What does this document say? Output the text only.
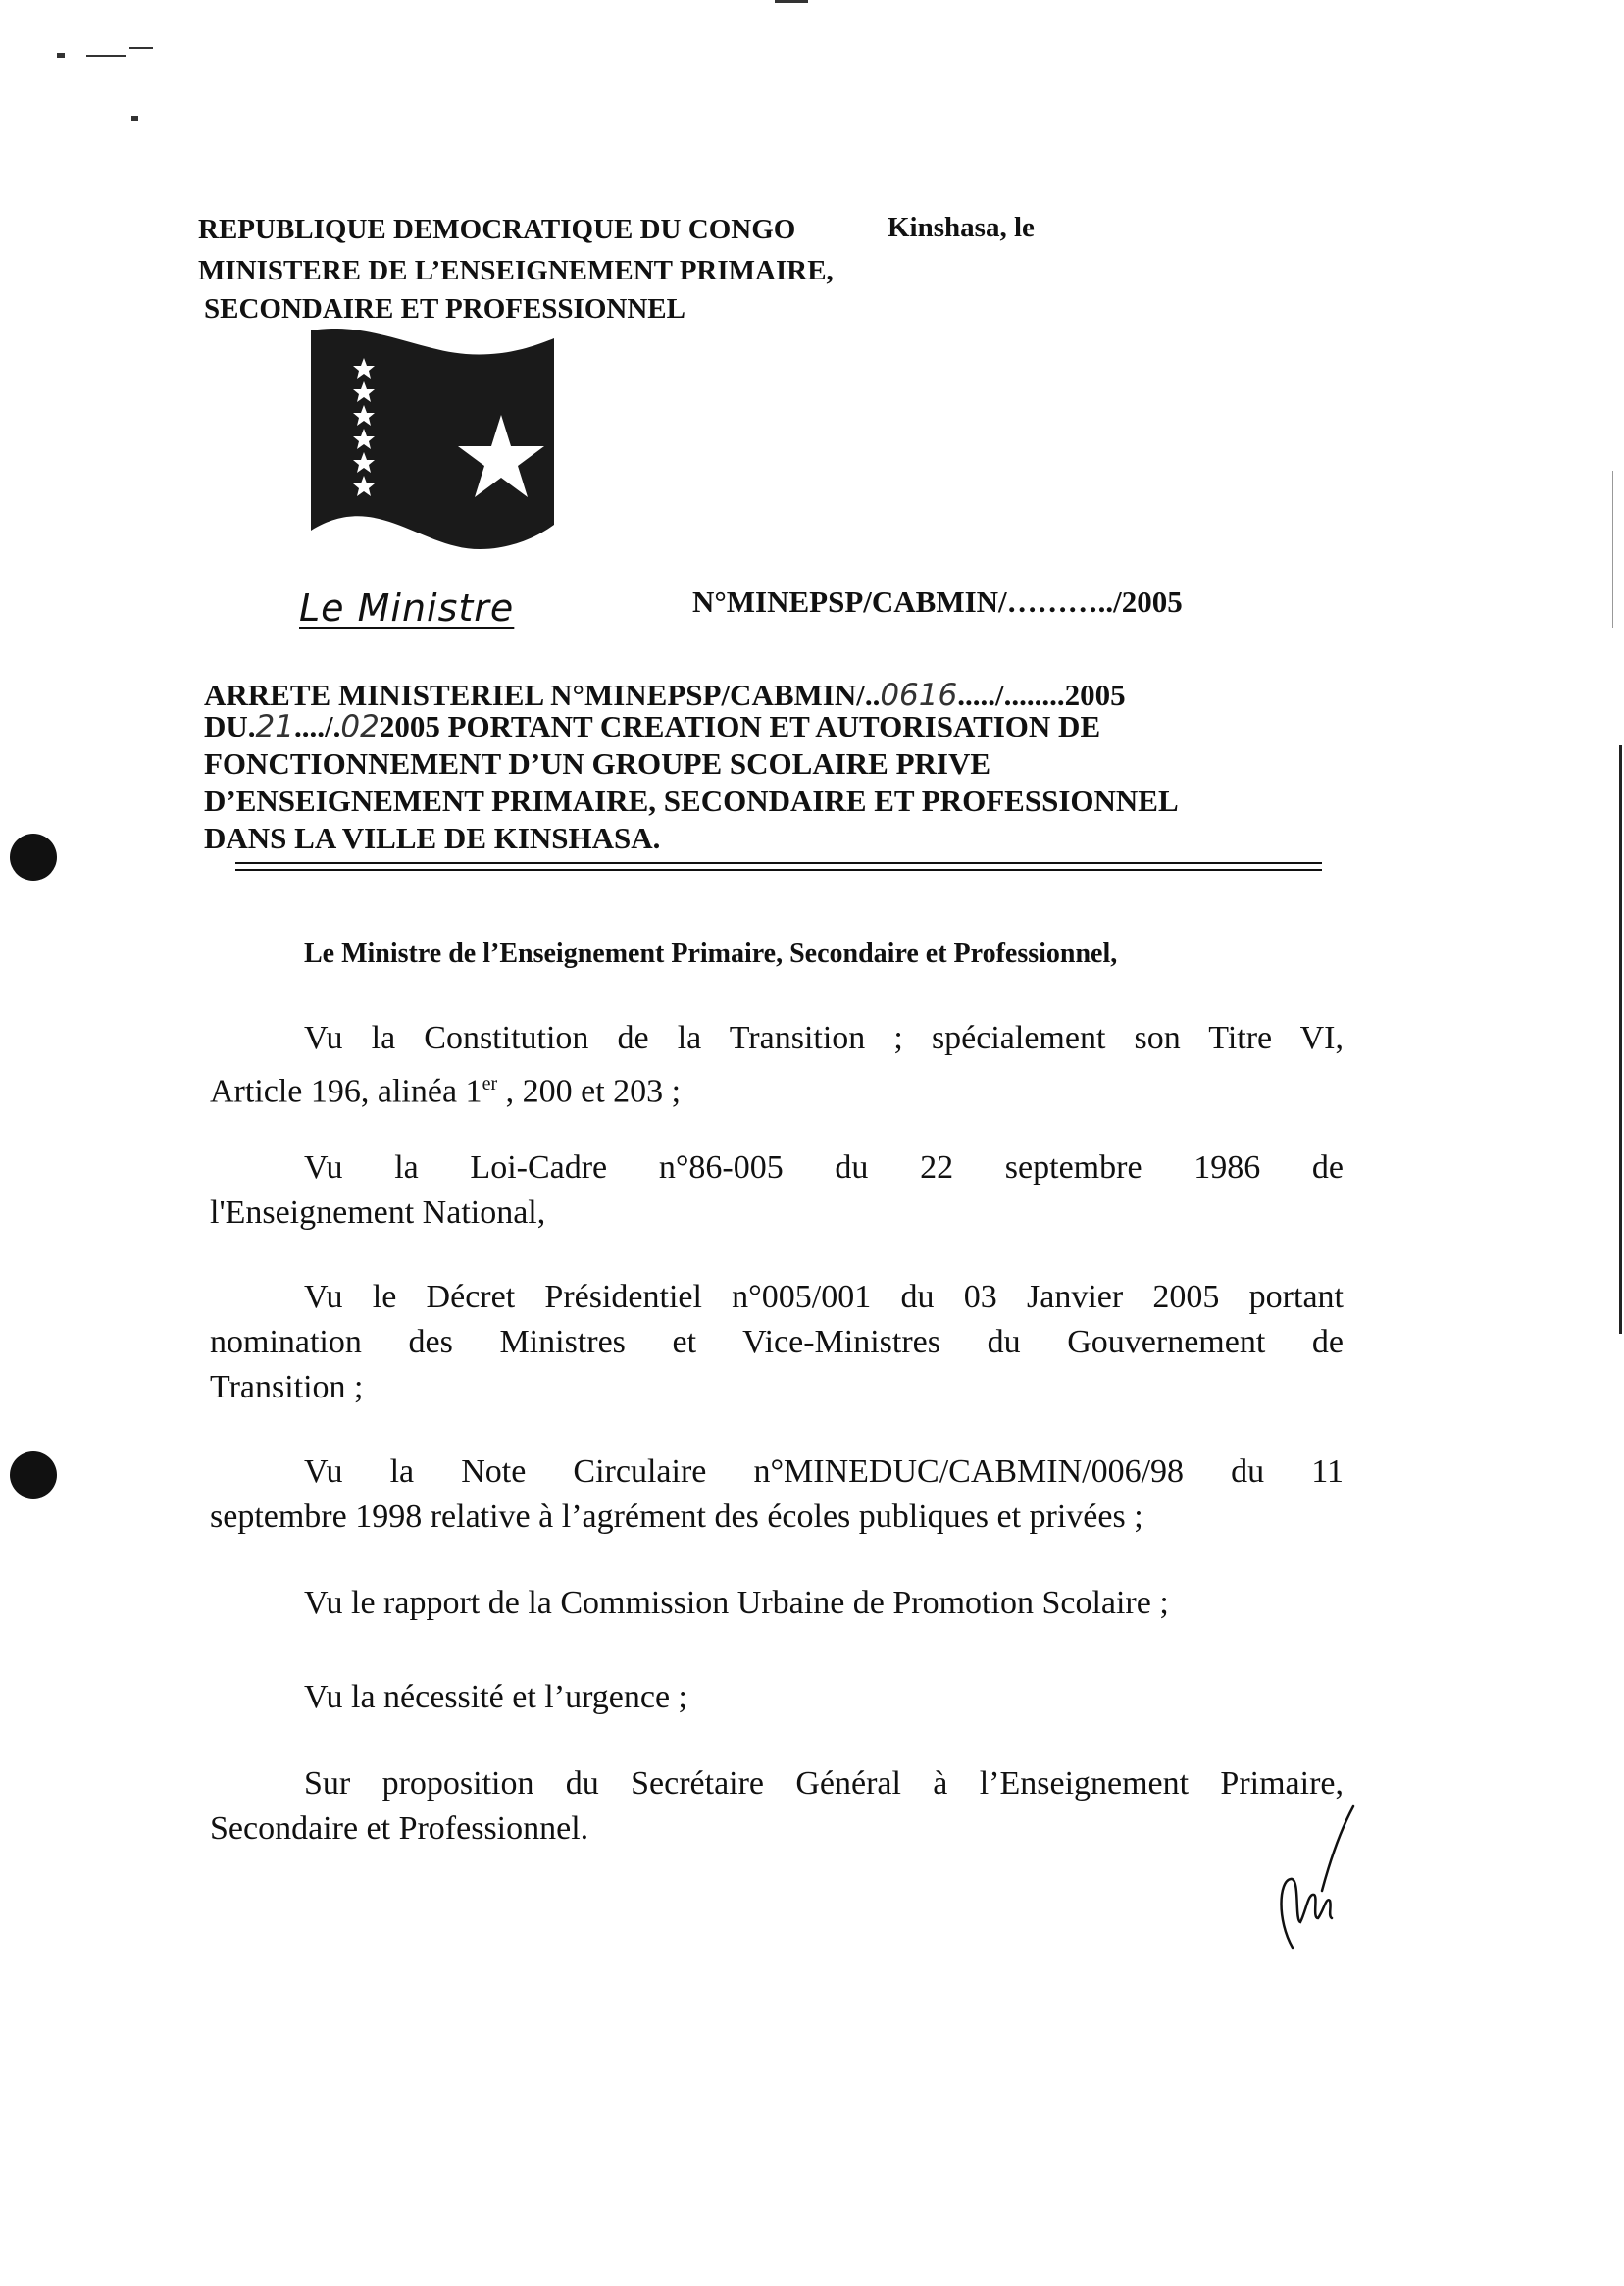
REPUBLIQUE DEMOCRATIQUE DU CONGO
MINISTERE DE L’ENSEIGNEMENT PRIMAIRE,
SECONDAIRE ET PROFESSIONNEL
Kinshasa, le
Le Ministre	N°MINEPSP/CABMIN/………../2005
ARRETE MINISTERIEL N°MINEPSP/CABMIN/..0616...../........2005
DU.21..../.022005 PORTANT CREATION ET AUTORISATION DE
FONCTIONNEMENT D’UN GROUPE SCOLAIRE PRIVE
D’ENSEIGNEMENT PRIMAIRE, SECONDAIRE ET PROFESSIONNEL
DANS LA VILLE DE KINSHASA.
Le Ministre de l’Enseignement Primaire, Secondaire et Professionnel,
Vu la Constitution de la Transition ; spécialement son Titre VI,
Article 196, alinéa 1er , 200 et 203 ;
Vu la Loi-Cadre n°86-005 du 22 septembre 1986 de
l'Enseignement National,
Vu le Décret Présidentiel n°005/001 du 03 Janvier 2005 portant
nomination des Ministres et Vice-Ministres du Gouvernement de
Transition ;
Vu la Note Circulaire n°MINEDUC/CABMIN/006/98 du 11
septembre 1998 relative à l’agrément des écoles publiques et privées ;
Vu le rapport de la Commission Urbaine de Promotion Scolaire ;
Vu la nécessité et l’urgence ;
Sur proposition du Secrétaire Général à l’Enseignement Primaire,
Secondaire et Professionnel.
